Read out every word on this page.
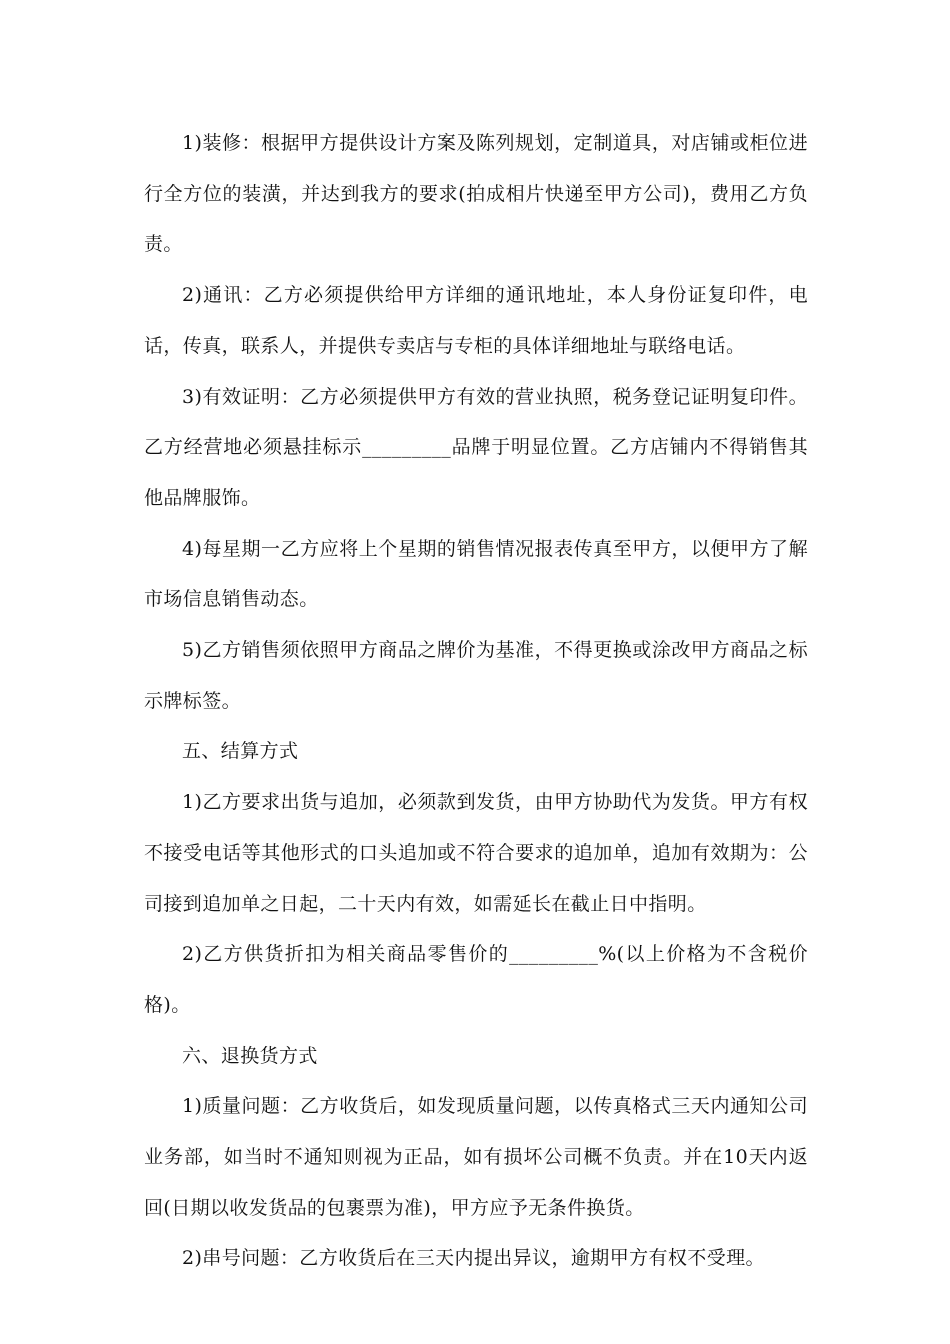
1)装修：根据甲方提供设计方案及陈列规划，定制道具，对店铺或柜位进行全方位的装潢，并达到我方的要求(拍成相片快递至甲方公司)，费用乙方负责。

2)通讯：乙方必须提供给甲方详细的通讯地址，本人身份证复印件，电话，传真，联系人，并提供专卖店与专柜的具体详细地址与联络电话。

3)有效证明：乙方必须提供甲方有效的营业执照，税务登记证明复印件。乙方经营地必须悬挂标示_________品牌于明显位置。乙方店铺内不得销售其他品牌服饰。

4)每星期一乙方应将上个星期的销售情况报表传真至甲方，以便甲方了解市场信息销售动态。

5)乙方销售须依照甲方商品之牌价为基准，不得更换或涂改甲方商品之标示牌标签。

五、结算方式

1)乙方要求出货与追加，必须款到发货，由甲方协助代为发货。甲方有权不接受电话等其他形式的口头追加或不符合要求的追加单，追加有效期为：公司接到追加单之日起，二十天内有效，如需延长在截止日中指明。

2)乙方供货折扣为相关商品零售价的_________%(以上价格为不含税价格)。

六、退换货方式

1)质量问题：乙方收货后，如发现质量问题，以传真格式三天内通知公司业务部，如当时不通知则视为正品，如有损坏公司概不负责。并在10天内返回(日期以收发货品的包裹票为准)，甲方应予无条件换货。

2)串号问题：乙方收货后在三天内提出异议，逾期甲方有权不受理。
